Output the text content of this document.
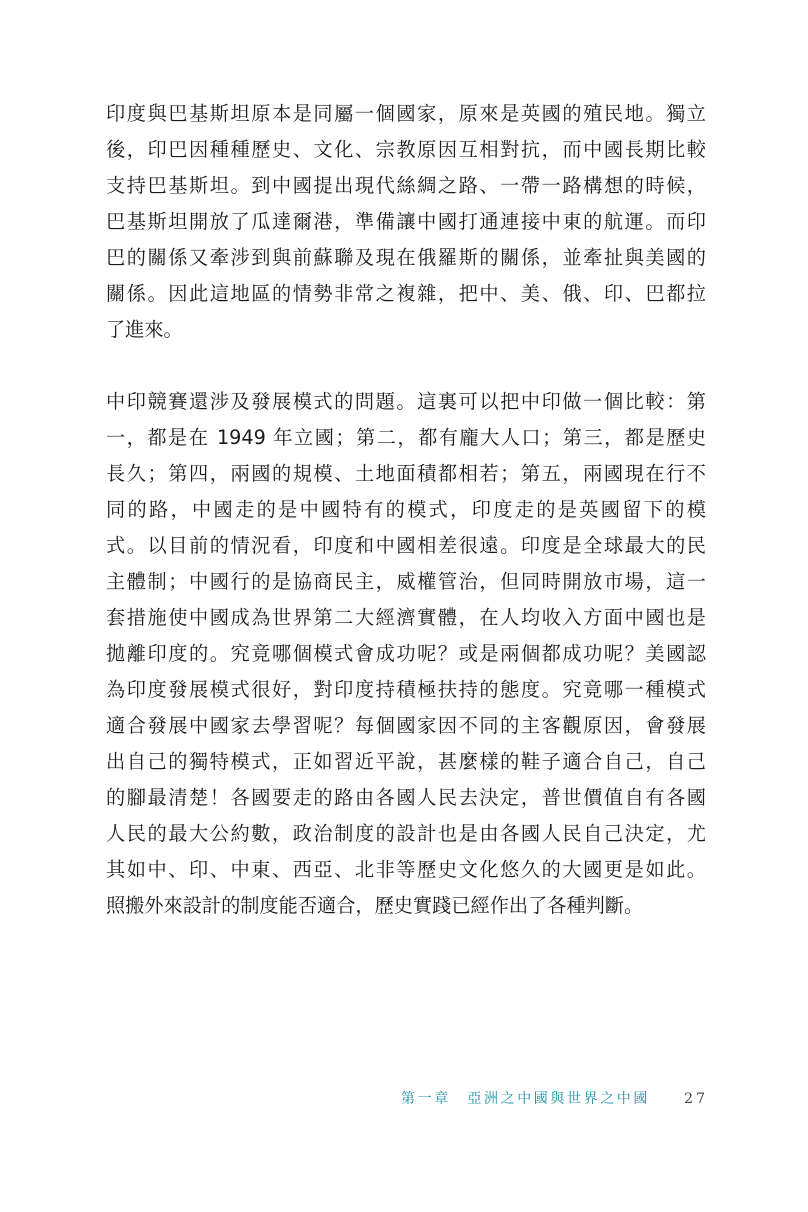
印度與巴基斯坦原本是同屬一個國家，原來是英國的殖民地。獨立
後，印巴因種種歷史、文化、宗教原因互相對抗，而中國長期比較
支持巴基斯坦。到中國提出現代絲綢之路、一帶一路構想的時候，
巴基斯坦開放了瓜達爾港，準備讓中國打通連接中東的航運。而印
巴的關係又牽涉到與前蘇聯及現在俄羅斯的關係，並牽扯與美國的
關係。因此這地區的情勢非常之複雜，把中、美、俄、印、巴都拉
了進來。
中印競賽還涉及發展模式的問題。這裏可以把中印做一個比較：第
一，都是在 1949 年立國；第二，都有龐大人口；第三，都是歷史
長久；第四，兩國的規模、土地面積都相若；第五，兩國現在行不
同的路，中國走的是中國特有的模式，印度走的是英國留下的模
式。以目前的情況看，印度和中國相差很遠。印度是全球最大的民
主體制；中國行的是協商民主，威權管治，但同時開放市場，這一
套措施使中國成為世界第二大經濟實體，在人均收入方面中國也是
拋離印度的。究竟哪個模式會成功呢？或是兩個都成功呢？美國認
為印度發展模式很好，對印度持積極扶持的態度。究竟哪一種模式
適合發展中國家去學習呢？每個國家因不同的主客觀原因，會發展
出自己的獨特模式，正如習近平說，甚麼樣的鞋子適合自己，自己
的腳最清楚！各國要走的路由各國人民去決定，普世價值自有各國
人民的最大公約數，政治制度的設計也是由各國人民自己決定，尤
其如中、印、中東、西亞、北非等歷史文化悠久的大國更是如此。
照搬外來設計的制度能否適合，歷史實踐已經作出了各種判斷。
第一章　亞洲之中國與世界之中國 27
